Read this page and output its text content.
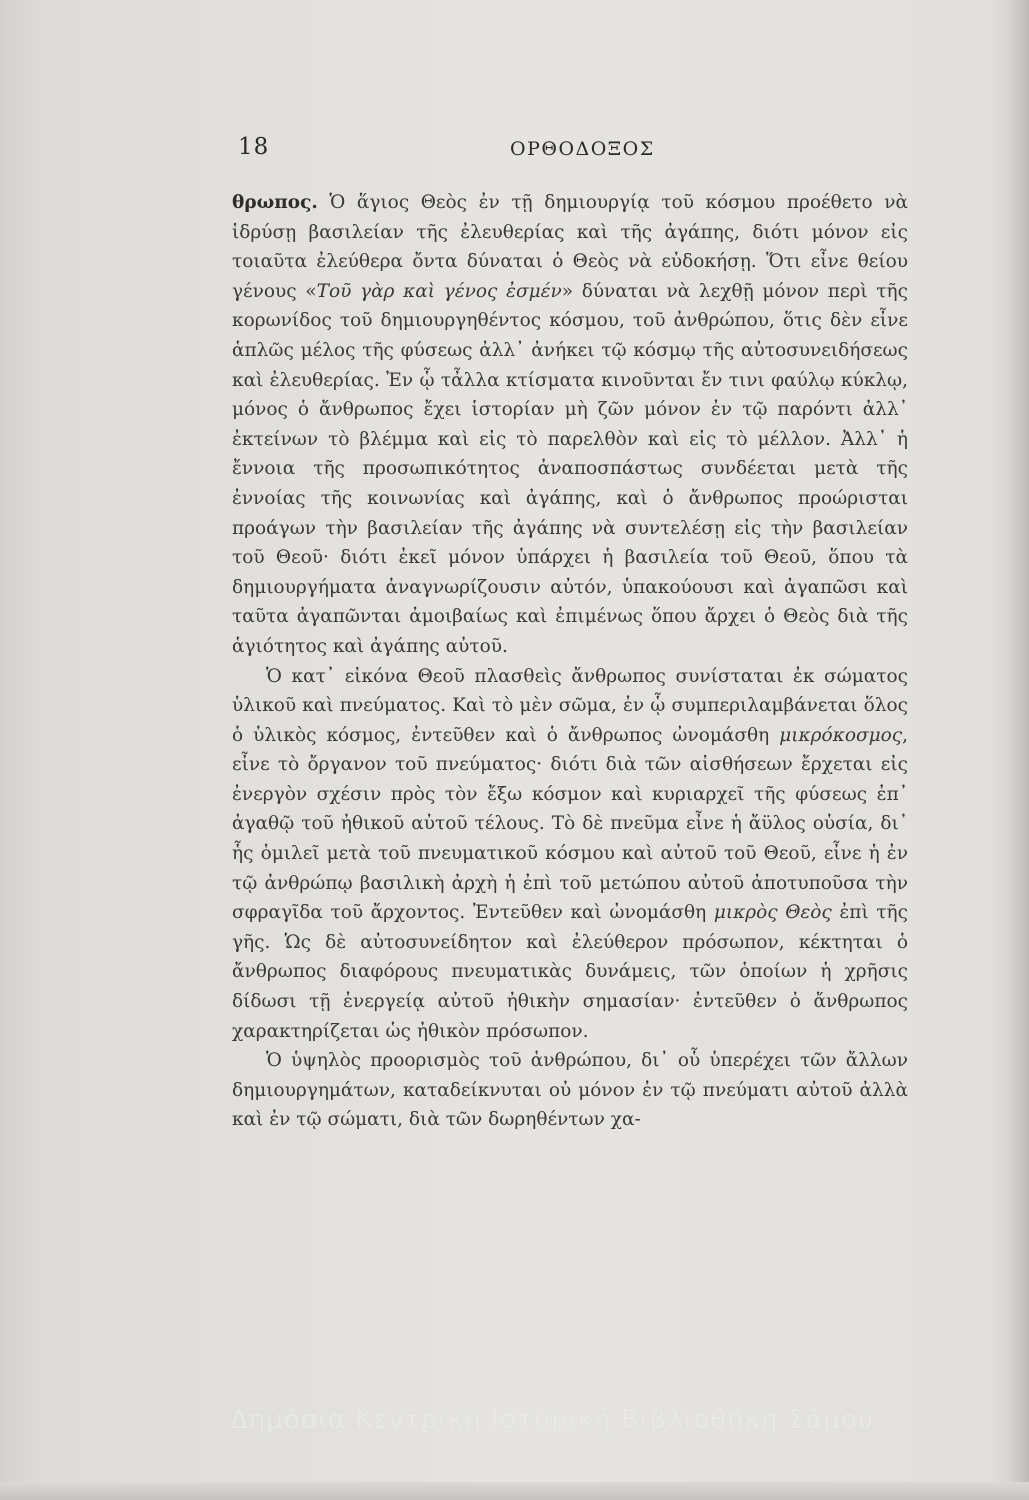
18	ΟΡΘΟΔΟΞΟΣ

θρωπος. Ὁ ἅγιος Θεὸς ἐν τῇ δημιουργίᾳ τοῦ κόσμου προέθετο νὰ ἱδρύσῃ βασιλείαν τῆς ἐλευθερίας καὶ τῆς ἀγάπης, διότι μόνον εἰς τοιαῦτα ἐλεύθερα ὄντα δύναται ὁ Θεὸς νὰ εὐδοκήσῃ. Ὅτι εἶνε θείου γένους «Τοῦ γὰρ καὶ γένος ἐσμέν» δύναται νὰ λεχθῇ μόνον περὶ τῆς κορωνίδος τοῦ δημιουργηθέντος κόσμου, τοῦ ἀνθρώπου, ὅτις δὲν εἶνε ἁπλῶς μέλος τῆς φύσεως ἀλλ᾽ ἀνήκει τῷ κόσμῳ τῆς αὐτοσυνειδήσεως καὶ ἐλευθερίας. Ἐν ᾧ τἆλλα κτίσματα κινοῦνται ἔν τινι φαύλῳ κύκλῳ, μόνος ὁ ἄνθρωπος ἔχει ἱστορίαν μὴ ζῶν μόνον ἐν τῷ παρόντι ἀλλ᾽ ἐκτείνων τὸ βλέμμα καὶ εἰς τὸ παρελθὸν καὶ εἰς τὸ μέλλον. Ἀλλ᾽ ἡ ἔννοια τῆς προσωπικότητος ἀναποσπάστως συνδέεται μετὰ τῆς ἐννοίας τῆς κοινωνίας καὶ ἀγάπης, καὶ ὁ ἄνθρωπος προώρισται προάγων τὴν βασιλείαν τῆς ἀγάπης νὰ συντελέσῃ εἰς τὴν βασιλείαν τοῦ Θεοῦ· διότι ἐκεῖ μόνον ὑπάρχει ἡ βασιλεία τοῦ Θεοῦ, ὅπου τὰ δημιουργήματα ἀναγνωρίζουσιν αὐτόν, ὑπακούουσι καὶ ἀγαπῶσι καὶ ταῦτα ἀγαπῶνται ἀμοιβαίως καὶ ἐπιμένως ὅπου ἄρχει ὁ Θεὸς διὰ τῆς ἁγιότητος καὶ ἀγάπης αὐτοῦ.

Ὁ κατ᾽ εἰκόνα Θεοῦ πλασθεὶς ἄνθρωπος συνίσταται ἐκ σώματος ὑλικοῦ καὶ πνεύματος. Καὶ τὸ μὲν σῶμα, ἐν ᾧ συμπεριλαμβάνεται ὅλος ὁ ὑλικὸς κόσμος, ἐντεῦθεν καὶ ὁ ἄνθρωπος ὠνομάσθη μικρόκοσμος, εἶνε τὸ ὄργανον τοῦ πνεύματος· διότι διὰ τῶν αἰσθήσεων ἔρχεται εἰς ἐνεργὸν σχέσιν πρὸς τὸν ἔξω κόσμον καὶ κυριαρχεῖ τῆς φύσεως ἐπ᾽ ἀγαθῷ τοῦ ἠθικοῦ αὐτοῦ τέλους. Τὸ δὲ πνεῦμα εἶνε ἡ ἄϋλος οὐσία, δι᾽ ἧς ὁμιλεῖ μετὰ τοῦ πνευματικοῦ κόσμου καὶ αὐτοῦ τοῦ Θεοῦ, εἶνε ἡ ἐν τῷ ἀνθρώπῳ βασιλικὴ ἀρχὴ ἡ ἐπὶ τοῦ μετώπου αὐτοῦ ἀποτυποῦσα τὴν σφραγῖδα τοῦ ἄρχοντος. Ἐντεῦθεν καὶ ὠνομάσθη μικρὸς Θεὸς ἐπὶ τῆς γῆς. Ὡς δὲ αὐτοσυνείδητον καὶ ἐλεύθερον πρόσωπον, κέκτηται ὁ ἄνθρωπος διαφόρους πνευματικὰς δυνάμεις, τῶν ὁποίων ἡ χρῆσις δίδωσι τῇ ἐνεργείᾳ αὐτοῦ ἠθικὴν σημασίαν· ἐντεῦθεν ὁ ἄνθρωπος χαρακτηρίζεται ὡς ἠθικὸν πρόσωπον.

Ὁ ὑψηλὸς προορισμὸς τοῦ ἀνθρώπου, δι᾽ οὗ ὑπερέχει τῶν ἄλλων δημιουργημάτων, καταδείκνυται οὐ μόνον ἐν τῷ πνεύματι αὐτοῦ ἀλλὰ καὶ ἐν τῷ σώματι, διὰ τῶν δωρηθέντων χα-

Δημόσια Κεντρική Ιστορική Βιβλιοθήκη Σάμου
